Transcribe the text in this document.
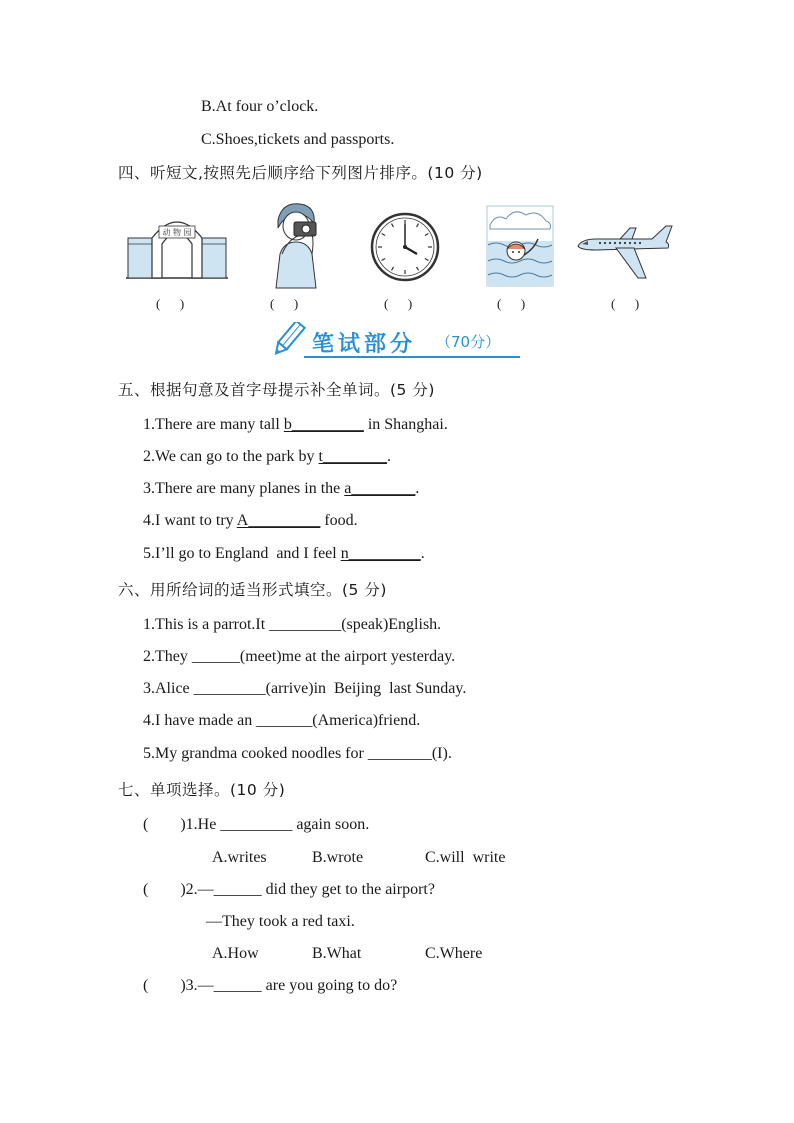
B.At four o’clock.
C.Shoes,tickets and passports.
四、听短文,按照先后顺序给下列图片排序。(10 分)
动 物 园
(      )	(      )	(      )	(      )	(      )
笔试部分 （70分）
五、根据句意及首字母提示补全单词。(5 分)
1.There are many tall b_________ in Shanghai.
2.We can go to the park by t________.
3.There are many planes in the a________.
4.I want to try A_________ food.
5.I’ll go to England  and I feel n_________.
六、用所给词的适当形式填空。(5 分)
1.This is a parrot.It _________(speak)English.
2.They ______(meet)me at the airport yesterday.
3.Alice _________(arrive)in  Beijing  last Sunday.
4.I have made an _______(America)friend.
5.My grandma cooked noodles for ________(I).
七、单项选择。(10 分)
(        )1.He _________ again soon.
A.writes	B.wrote	C.will  write
(        )2.—______ did they get to the airport?
—They took a red taxi.
A.How	B.What	C.Where
(        )3.—______ are you going to do?
